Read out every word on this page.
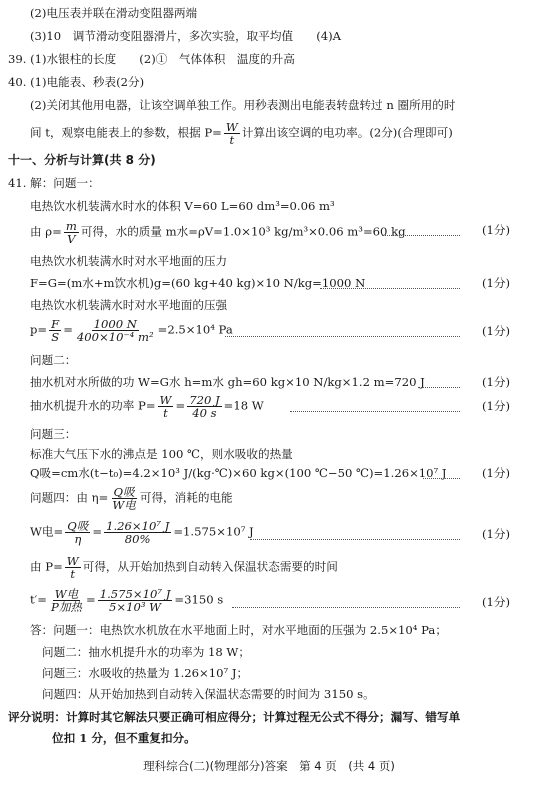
(2)电压表并联在滑动变阻器两端
(3)10　调节滑动变阻器滑片，多次实验，取平均值　　(4)A
39. (1)水银柱的长度　　(2)①　气体体积　温度的升高
40. (1)电能表、秒表(2分)
(2)关闭其他用电器，让该空调单独工作。用秒表测出电能表转盘转过 n 圈所用的时
间 t，观察电能表上的参数，根据 $P= \frac{W}{t}$ 计算出该空调的电功率。(2分)(合理即可)
十一、分析与计算(共 8 分)
41. 解：问题一：
电热饮水机装满水时水的体积 V=60 L=60 dm³=0.06 m³
由 $\rho= \frac{m}{V}$ 可得，水的质量 m水=ρV=1.0×10³ kg/m³×0.06 m³=60 kg	(1分)
电热饮水机装满水时对水平地面的压力
F=G=(m水+m饮水机)g=(60 kg+40 kg)×10 N/kg=1000 N	(1分)
电热饮水机装满水时对水平地面的压强
$p= \frac{F}{S} = \frac{1000 N}{\text{400×10⁻⁴ m²}} =2.5\times 10^4$ Pa	(1分)
问题二：
抽水机对水所做的功 W=G水 h=m水 gh=60 kg×10 N/kg×1.2 m=720 J	(1分)
抽水机提升水的功率 $P= \frac{W}{t} = \frac{720 J}{40 s} =18$ W	(1分)
问题三：
标准大气压下水的沸点是 100 ℃，则水吸收的热量
Q吸=cm水(t−t₀)=4.2×10³ J/(kg·℃)×60 kg×(100 ℃−50 ℃)=1.26×10⁷ J	(1分)
问题四：由 η= Q吸
W电
可得，消耗的电能
W电= Q吸
η
= $\frac{\text{1.26×10⁷ J}}{80\%} =1.575\times 10^7$ J	(1分)
由 $P= \frac{W}{t}$ 可得，从开始加热到自动转入保温状态需要的时间
t′= W电
P加热
= $\frac{\text{1.575×10⁷ J}}{\text{5×10³ W}} =3150$ s	(1分)
答：问题一：电热饮水机放在水平地面上时，对水平地面的压强为 2.5×10⁴ Pa；
问题二：抽水机提升水的功率为 18 W；
问题三：水吸收的热量为 1.26×10⁷ J；
问题四：从开始加热到自动转入保温状态需要的时间为 3150 s。
评分说明：计算时其它解法只要正确可相应得分；计算过程无公式不得分；漏写、错写单
位扣 1 分，但不重复扣分。
理科综合(二)(物理部分)答案　第 4 页　(共 4 页)
